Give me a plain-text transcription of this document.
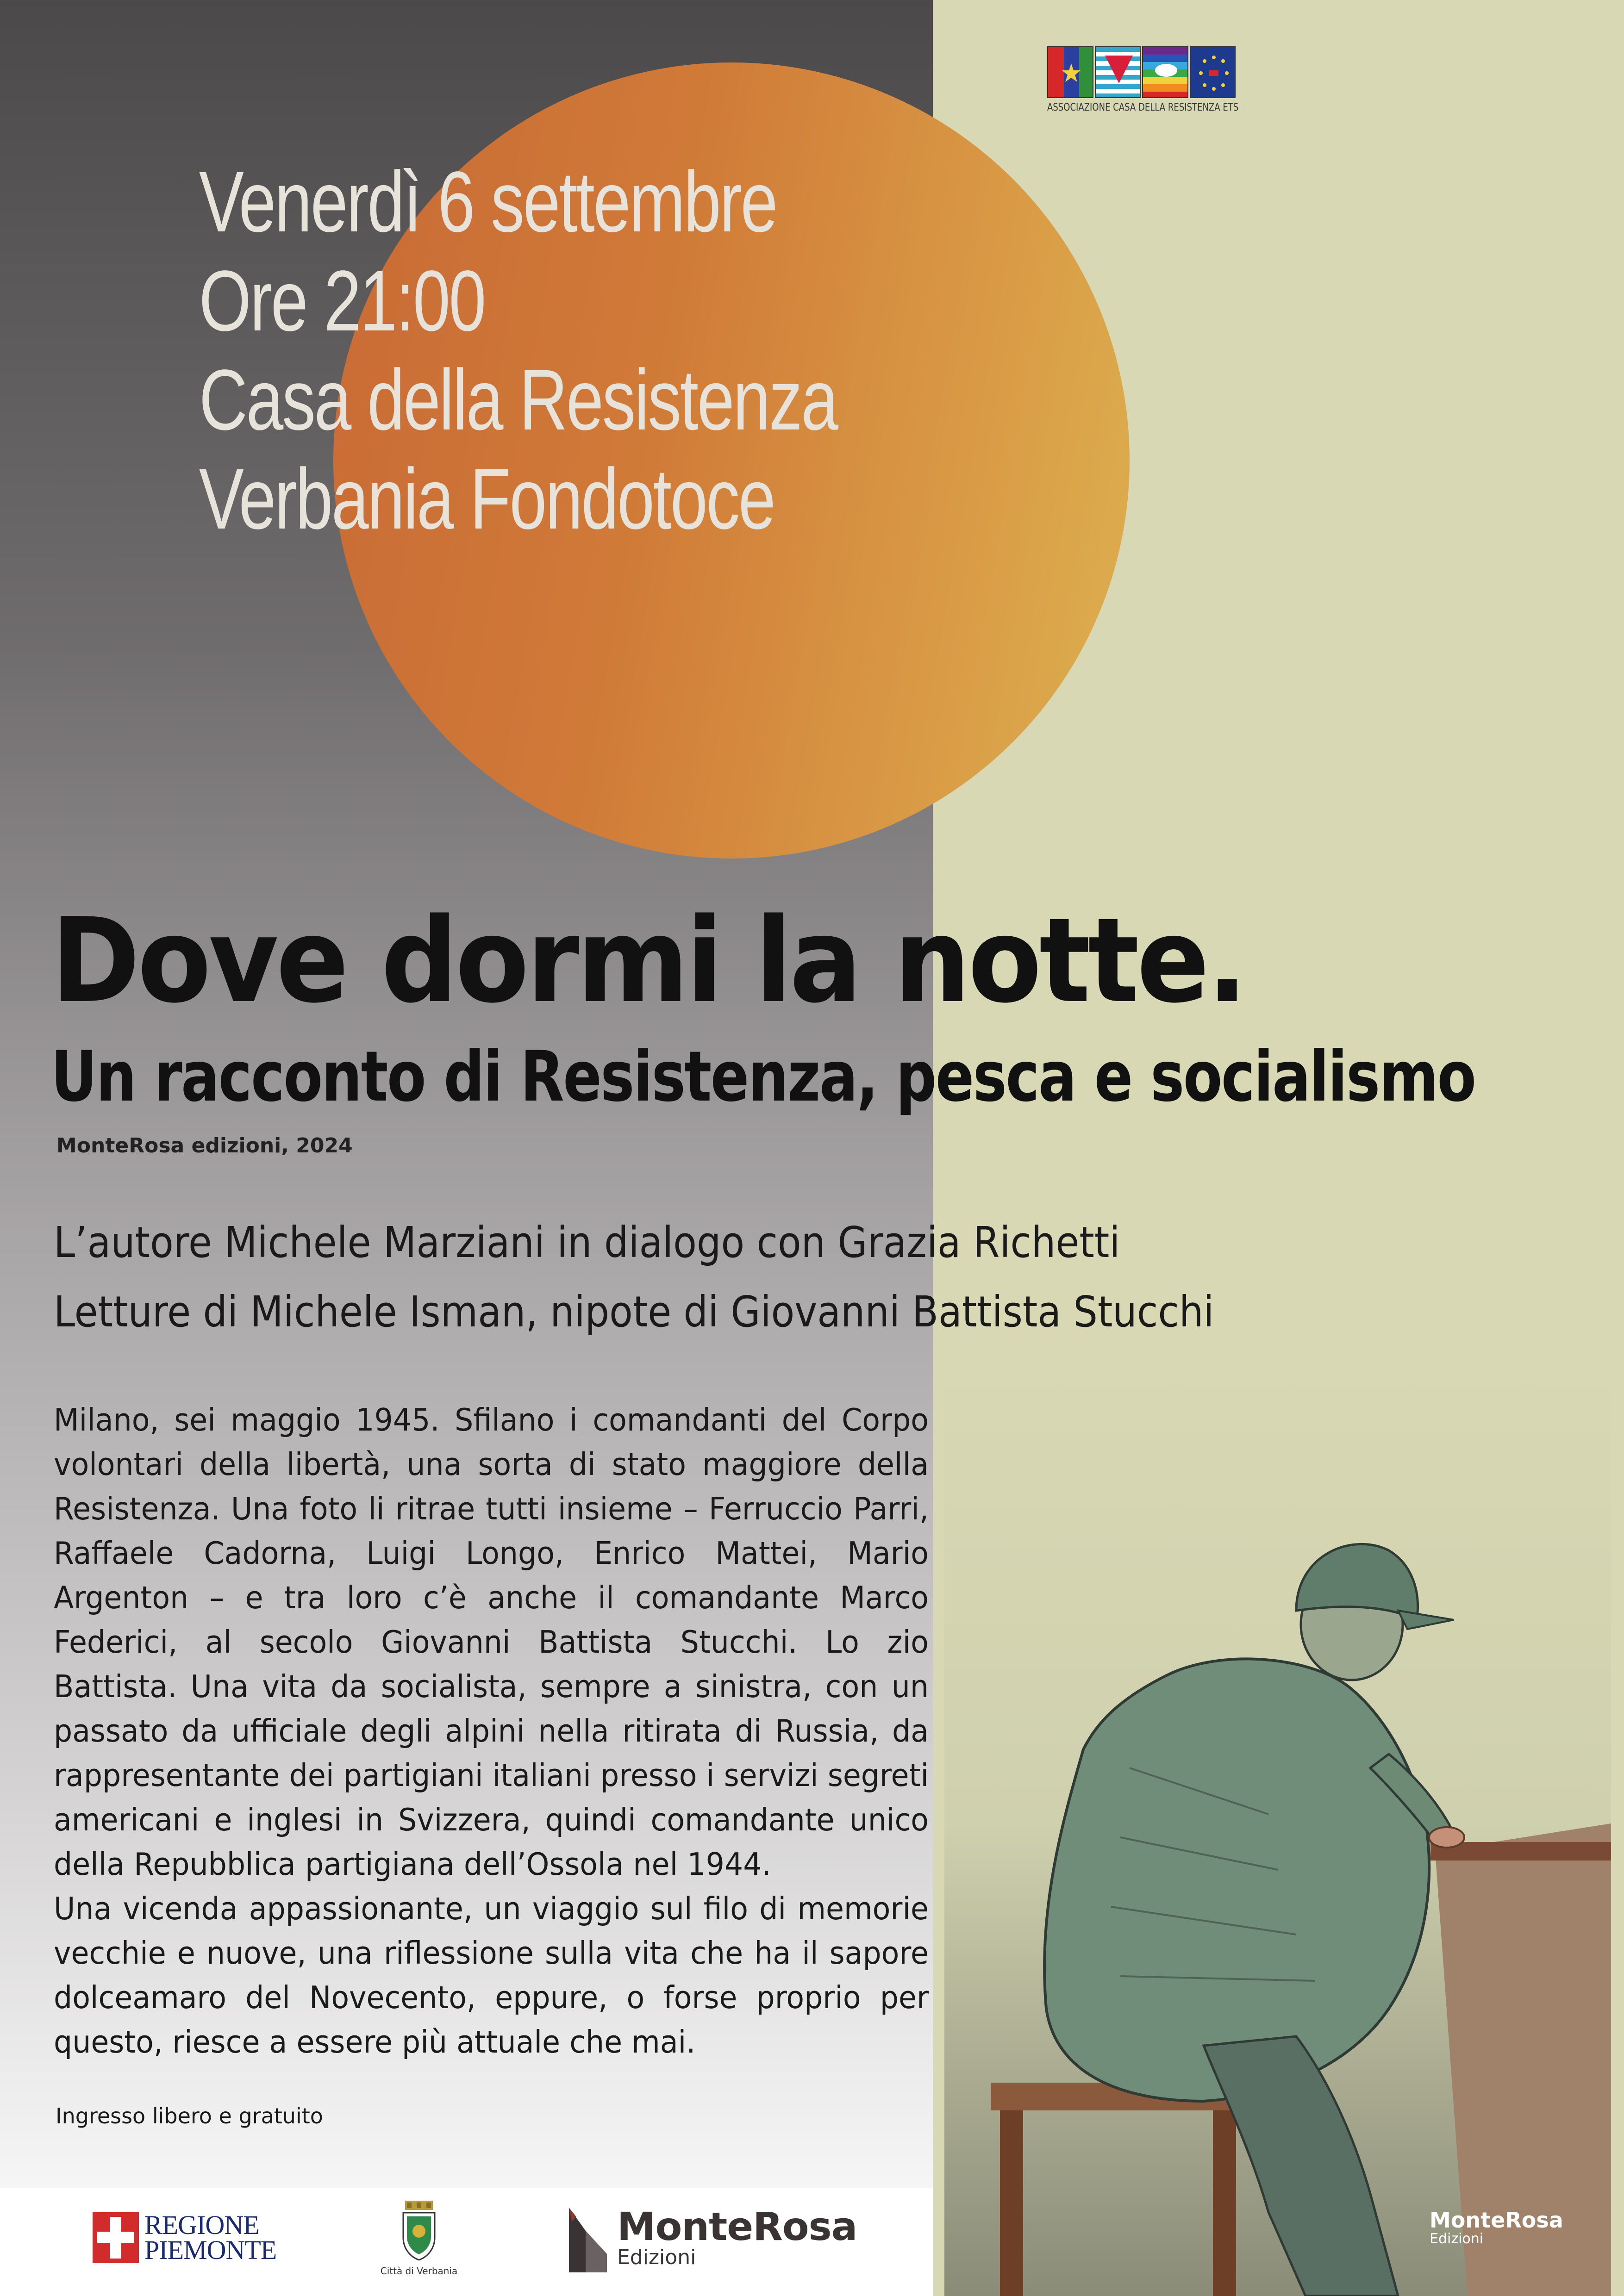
ASSOCIAZIONE CASA DELLA RESISTENZA ETS
Venerdì 6 settembre
Ore 21:00
Casa della Resistenza
Verbania Fondotoce
Dove dormi la notte.
Un racconto di Resistenza, pesca e socialismo
MonteRosa edizioni, 2024
L’autore Michele Marziani in dialogo con Grazia Richetti
Letture di Michele Isman, nipote di Giovanni Battista Stucchi

Milano, sei maggio 1945. Sfilano i comandanti del Corpo volontari della libertà, una sorta di stato maggiore della Resistenza. Una foto li ritrae tutti insieme – Ferruccio Parri, Raffaele Cadorna, Luigi Longo, Enrico Mattei, Mario Argenton – e tra loro c’è anche il comandante Marco Federici, al secolo Giovanni Battista Stucchi. Lo zio Battista. Una vita da socialista, sempre a sinistra, con un passato da ufficiale degli alpini nella ritirata di Russia, da rappresentante dei partigiani italiani presso i servizi segreti americani e inglesi in Svizzera, quindi comandante unico della Repubblica partigiana dell’Ossola nel 1944.

Una vicenda appassionante, un viaggio sul filo di memorie vecchie e nuove, una riflessione sulla vita che ha il sapore dolceamaro del Novecento, eppure, o forse proprio per questo, riesce a essere più attuale che mai.

Ingresso libero e gratuito
MonteRosa
Edizioni
REGIONE
PIEMONTE
Città di Verbania
MonteRosa
Edizioni
